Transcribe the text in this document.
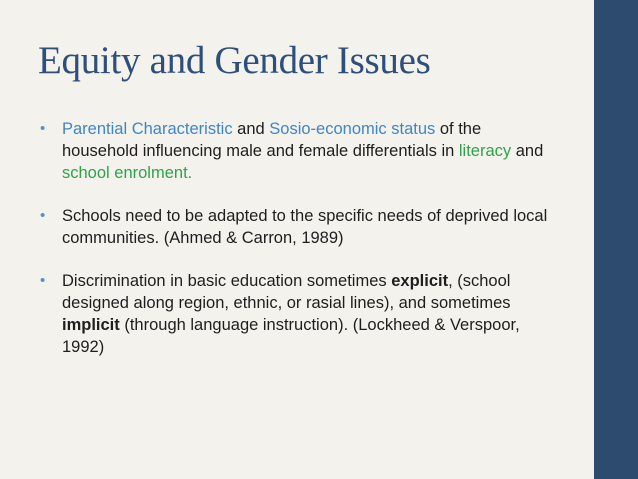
Equity and Gender Issues
• Parential Characteristic and Sosio-economic status of the household influencing male and female differentials in literacy and school enrolment.
• Schools need to be adapted to the specific needs of deprived local communities. (Ahmed & Carron, 1989)
• Discrimination in basic education sometimes explicit, (school designed along region, ethnic, or rasial lines), and sometimes implicit (through language instruction). (Lockheed & Verspoor, 1992)
